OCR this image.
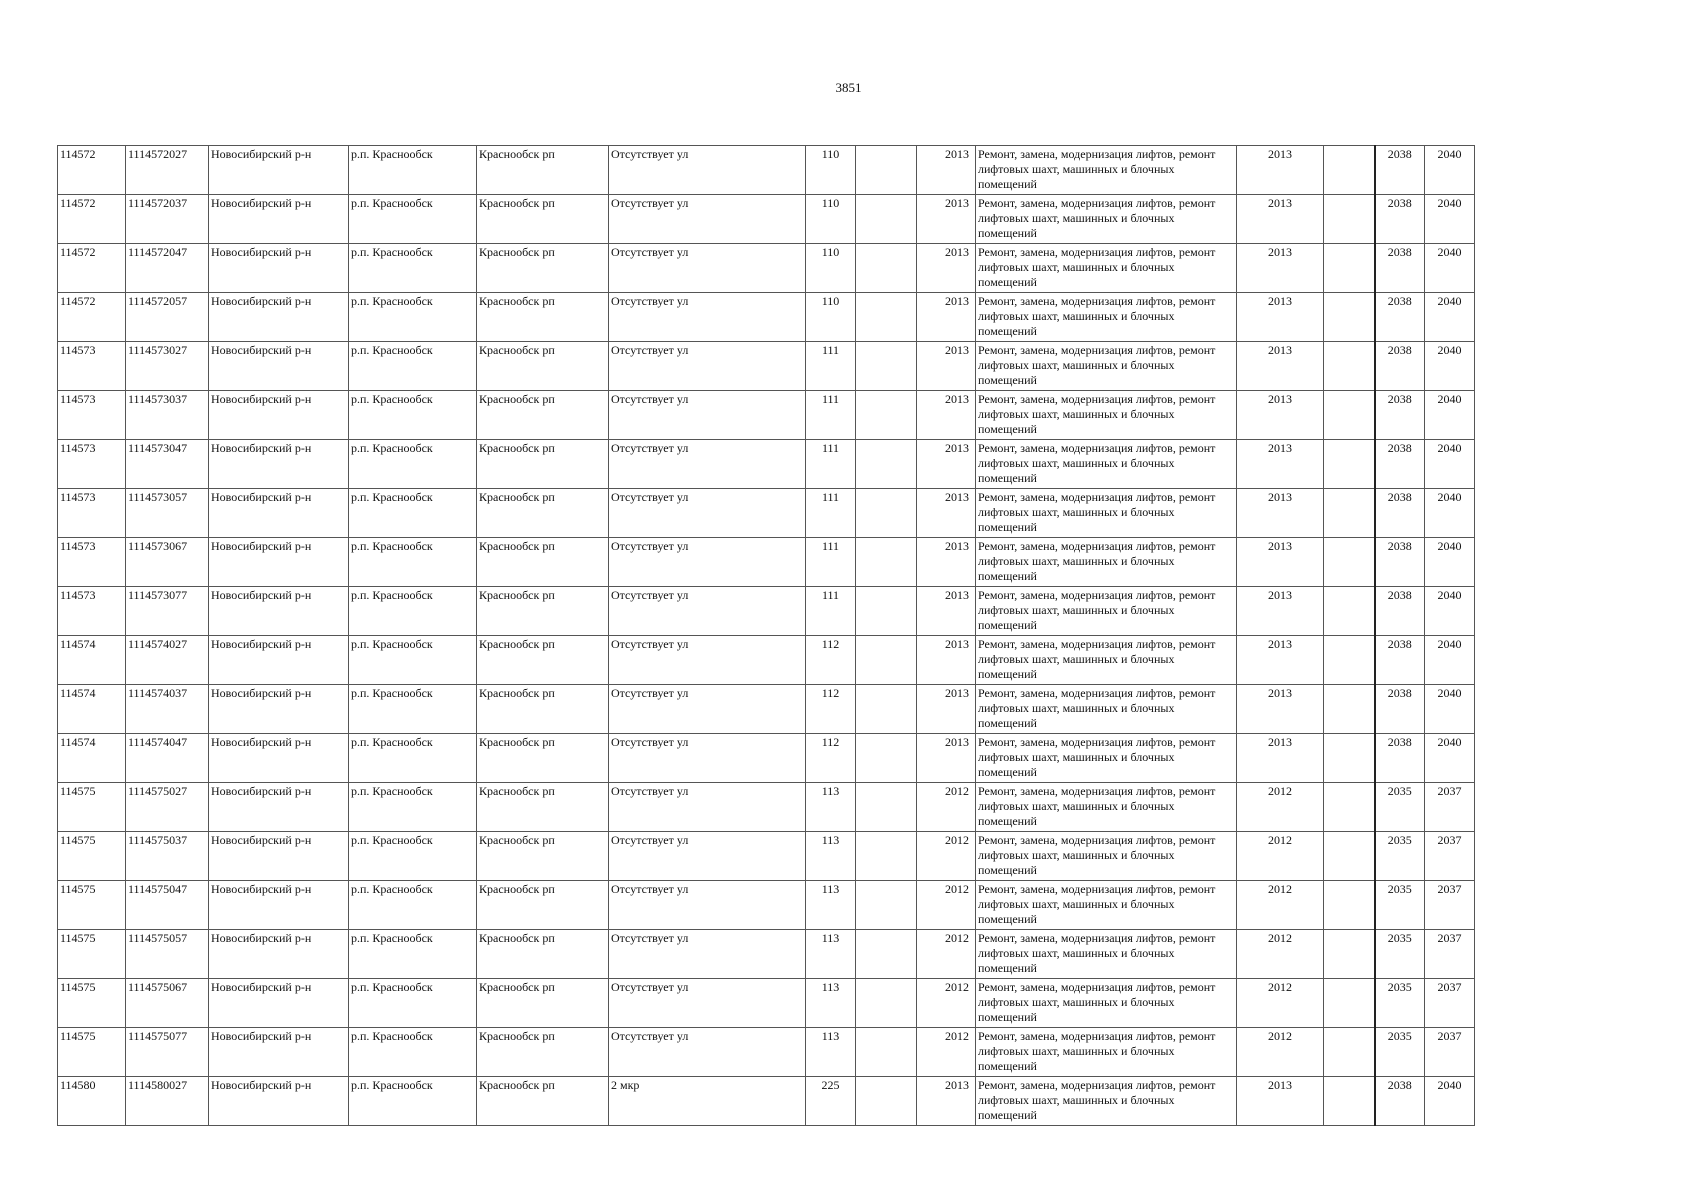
3851
114572	1114572027	Новосибирский р-н	р.п. Краснообск	Краснообск рп	Отсутствует ул	110		2013	Ремонт, замена, модернизация лифтов, ремонт лифтовых шахт, машинных и блочных помещений	2013		2038	2040
114572	1114572037	Новосибирский р-н	р.п. Краснообск	Краснообск рп	Отсутствует ул	110		2013	Ремонт, замена, модернизация лифтов, ремонт лифтовых шахт, машинных и блочных помещений	2013		2038	2040
114572	1114572047	Новосибирский р-н	р.п. Краснообск	Краснообск рп	Отсутствует ул	110		2013	Ремонт, замена, модернизация лифтов, ремонт лифтовых шахт, машинных и блочных помещений	2013		2038	2040
114572	1114572057	Новосибирский р-н	р.п. Краснообск	Краснообск рп	Отсутствует ул	110		2013	Ремонт, замена, модернизация лифтов, ремонт лифтовых шахт, машинных и блочных помещений	2013		2038	2040
114573	1114573027	Новосибирский р-н	р.п. Краснообск	Краснообск рп	Отсутствует ул	111		2013	Ремонт, замена, модернизация лифтов, ремонт лифтовых шахт, машинных и блочных помещений	2013		2038	2040
114573	1114573037	Новосибирский р-н	р.п. Краснообск	Краснообск рп	Отсутствует ул	111		2013	Ремонт, замена, модернизация лифтов, ремонт лифтовых шахт, машинных и блочных помещений	2013		2038	2040
114573	1114573047	Новосибирский р-н	р.п. Краснообск	Краснообск рп	Отсутствует ул	111		2013	Ремонт, замена, модернизация лифтов, ремонт лифтовых шахт, машинных и блочных помещений	2013		2038	2040
114573	1114573057	Новосибирский р-н	р.п. Краснообск	Краснообск рп	Отсутствует ул	111		2013	Ремонт, замена, модернизация лифтов, ремонт лифтовых шахт, машинных и блочных помещений	2013		2038	2040
114573	1114573067	Новосибирский р-н	р.п. Краснообск	Краснообск рп	Отсутствует ул	111		2013	Ремонт, замена, модернизация лифтов, ремонт лифтовых шахт, машинных и блочных помещений	2013		2038	2040
114573	1114573077	Новосибирский р-н	р.п. Краснообск	Краснообск рп	Отсутствует ул	111		2013	Ремонт, замена, модернизация лифтов, ремонт лифтовых шахт, машинных и блочных помещений	2013		2038	2040
114574	1114574027	Новосибирский р-н	р.п. Краснообск	Краснообск рп	Отсутствует ул	112		2013	Ремонт, замена, модернизация лифтов, ремонт лифтовых шахт, машинных и блочных помещений	2013		2038	2040
114574	1114574037	Новосибирский р-н	р.п. Краснообск	Краснообск рп	Отсутствует ул	112		2013	Ремонт, замена, модернизация лифтов, ремонт лифтовых шахт, машинных и блочных помещений	2013		2038	2040
114574	1114574047	Новосибирский р-н	р.п. Краснообск	Краснообск рп	Отсутствует ул	112		2013	Ремонт, замена, модернизация лифтов, ремонт лифтовых шахт, машинных и блочных помещений	2013		2038	2040
114575	1114575027	Новосибирский р-н	р.п. Краснообск	Краснообск рп	Отсутствует ул	113		2012	Ремонт, замена, модернизация лифтов, ремонт лифтовых шахт, машинных и блочных помещений	2012		2035	2037
114575	1114575037	Новосибирский р-н	р.п. Краснообск	Краснообск рп	Отсутствует ул	113		2012	Ремонт, замена, модернизация лифтов, ремонт лифтовых шахт, машинных и блочных помещений	2012		2035	2037
114575	1114575047	Новосибирский р-н	р.п. Краснообск	Краснообск рп	Отсутствует ул	113		2012	Ремонт, замена, модернизация лифтов, ремонт лифтовых шахт, машинных и блочных помещений	2012		2035	2037
114575	1114575057	Новосибирский р-н	р.п. Краснообск	Краснообск рп	Отсутствует ул	113		2012	Ремонт, замена, модернизация лифтов, ремонт лифтовых шахт, машинных и блочных помещений	2012		2035	2037
114575	1114575067	Новосибирский р-н	р.п. Краснообск	Краснообск рп	Отсутствует ул	113		2012	Ремонт, замена, модернизация лифтов, ремонт лифтовых шахт, машинных и блочных помещений	2012		2035	2037
114575	1114575077	Новосибирский р-н	р.п. Краснообск	Краснообск рп	Отсутствует ул	113		2012	Ремонт, замена, модернизация лифтов, ремонт лифтовых шахт, машинных и блочных помещений	2012		2035	2037
114580	1114580027	Новосибирский р-н	р.п. Краснообск	Краснообск рп	2 мкр	225		2013	Ремонт, замена, модернизация лифтов, ремонт лифтовых шахт, машинных и блочных помещений	2013		2038	2040
